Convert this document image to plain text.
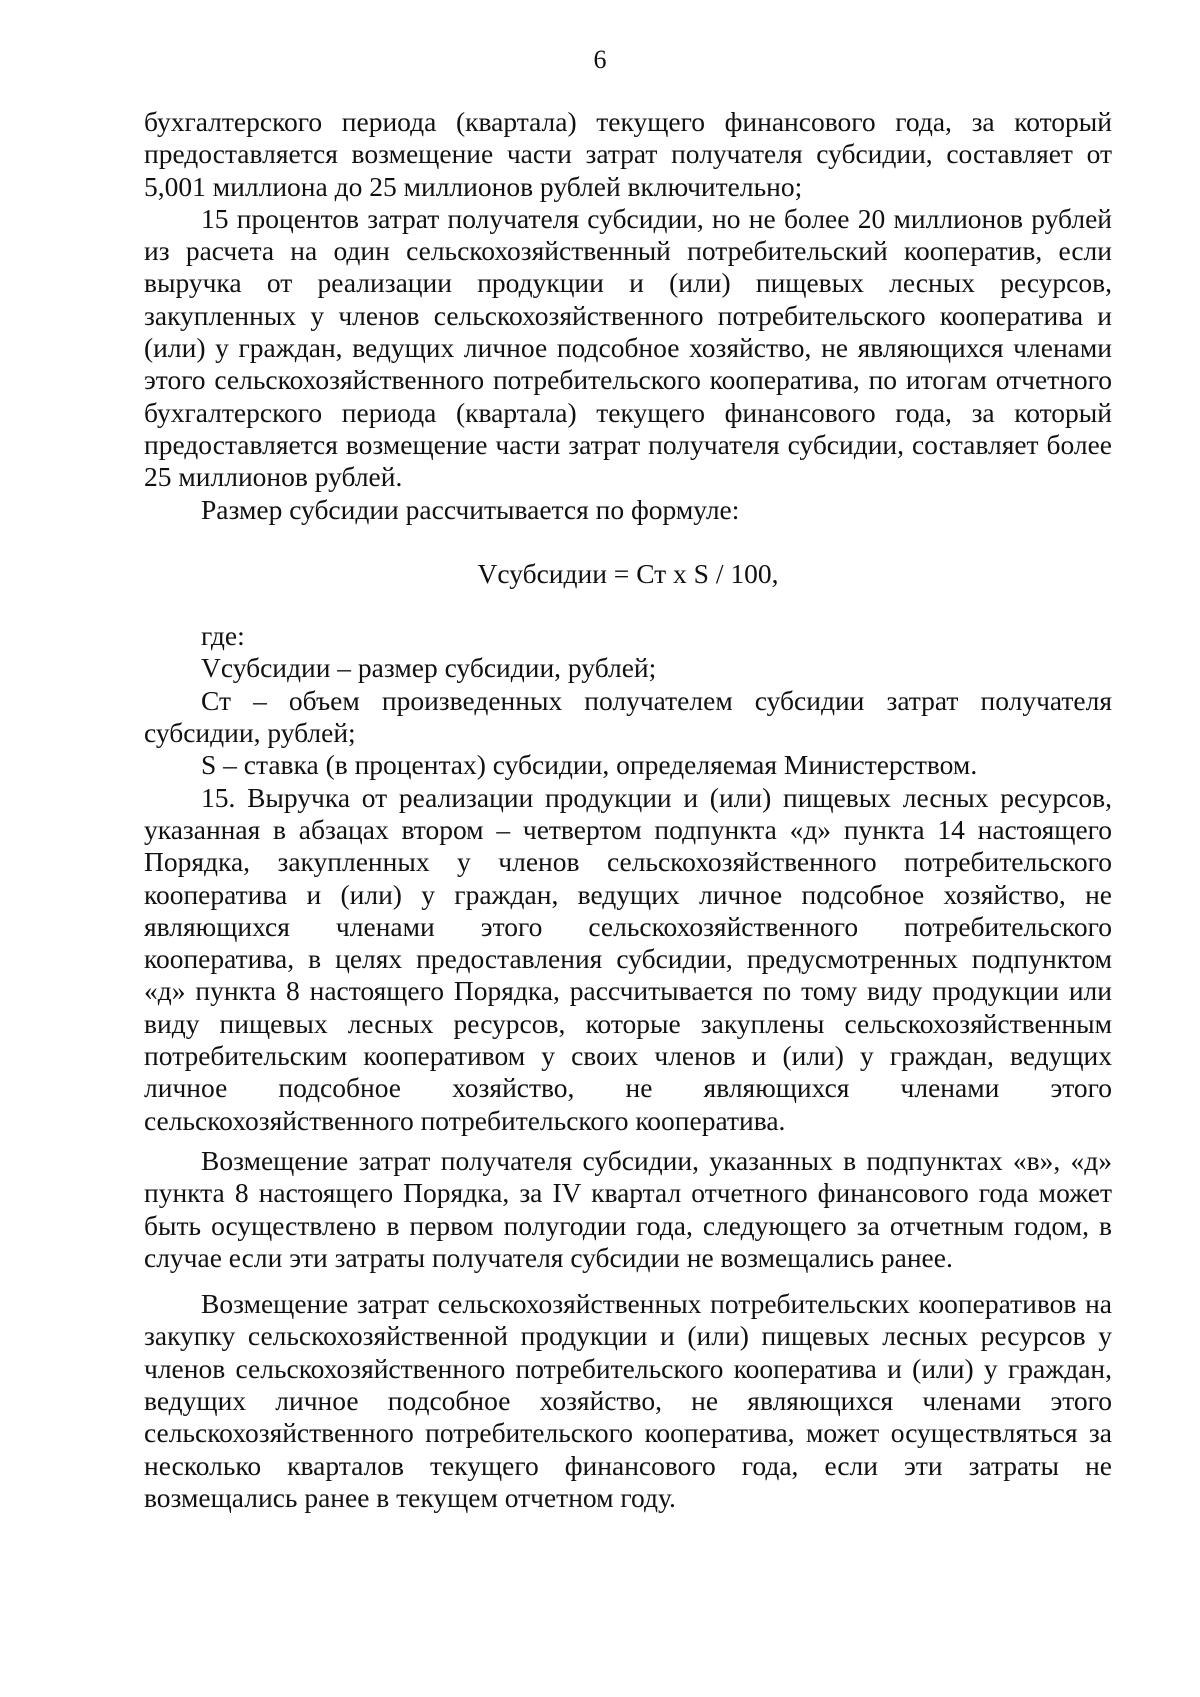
6

бухгалтерского периода (квартала) текущего финансового года, за который предоставляется возмещение части затрат получателя субсидии, составляет от 5,001 миллиона до 25 миллионов рублей включительно;

15 процентов затрат получателя субсидии, но не более 20 миллионов рублей из расчета на один сельскохозяйственный потребительский кооператив, если выручка от реализации продукции и (или) пищевых лесных ресурсов, закупленных у членов сельскохозяйственного потребительского кооператива и (или) у граждан, ведущих личное подсобное хозяйство, не являющихся членами этого сельскохозяйственного потребительского кооператива, по итогам отчетного бухгалтерского периода (квартала) текущего финансового года, за который предоставляется возмещение части затрат получателя субсидии, составляет более 25 миллионов рублей.

Размер субсидии рассчитывается по формуле:

Vсубсидии = Ст х S / 100,

где:

Vсубсидии – размер субсидии, рублей;

Ст – объем произведенных получателем субсидии затрат получателя субсидии, рублей;

S – ставка (в процентах) субсидии, определяемая Министерством.

15. Выручка от реализации продукции и (или) пищевых лесных ресурсов, указанная в абзацах втором – четвертом подпункта «д» пункта 14 настоящего Порядка, закупленных у членов сельскохозяйственного потребительского кооператива и (или) у граждан, ведущих личное подсобное хозяйство, не являющихся членами этого сельскохозяйственного потребительского кооператива, в целях предоставления субсидии, предусмотренных подпунктом «д» пункта 8 настоящего Порядка, рассчитывается по тому виду продукции или виду пищевых лесных ресурсов, которые закуплены сельскохозяйственным потребительским кооперативом у своих членов и (или) у граждан, ведущих личное подсобное хозяйство, не являющихся членами этого сельскохозяйственного потребительского кооператива.

Возмещение затрат получателя субсидии, указанных в подпунктах «в», «д» пункта 8 настоящего Порядка, за IV квартал отчетного финансового года может быть осуществлено в первом полугодии года, следующего за отчетным годом, в случае если эти затраты получателя субсидии не возмещались ранее.

Возмещение затрат сельскохозяйственных потребительских кооперативов на закупку сельскохозяйственной продукции и (или) пищевых лесных ресурсов у членов сельскохозяйственного потребительского кооператива и (или) у граждан, ведущих личное подсобное хозяйство, не являющихся членами этого сельскохозяйственного потребительского кооператива, может осуществляться за несколько кварталов текущего финансового года, если эти затраты не возмещались ранее в текущем отчетном году.
